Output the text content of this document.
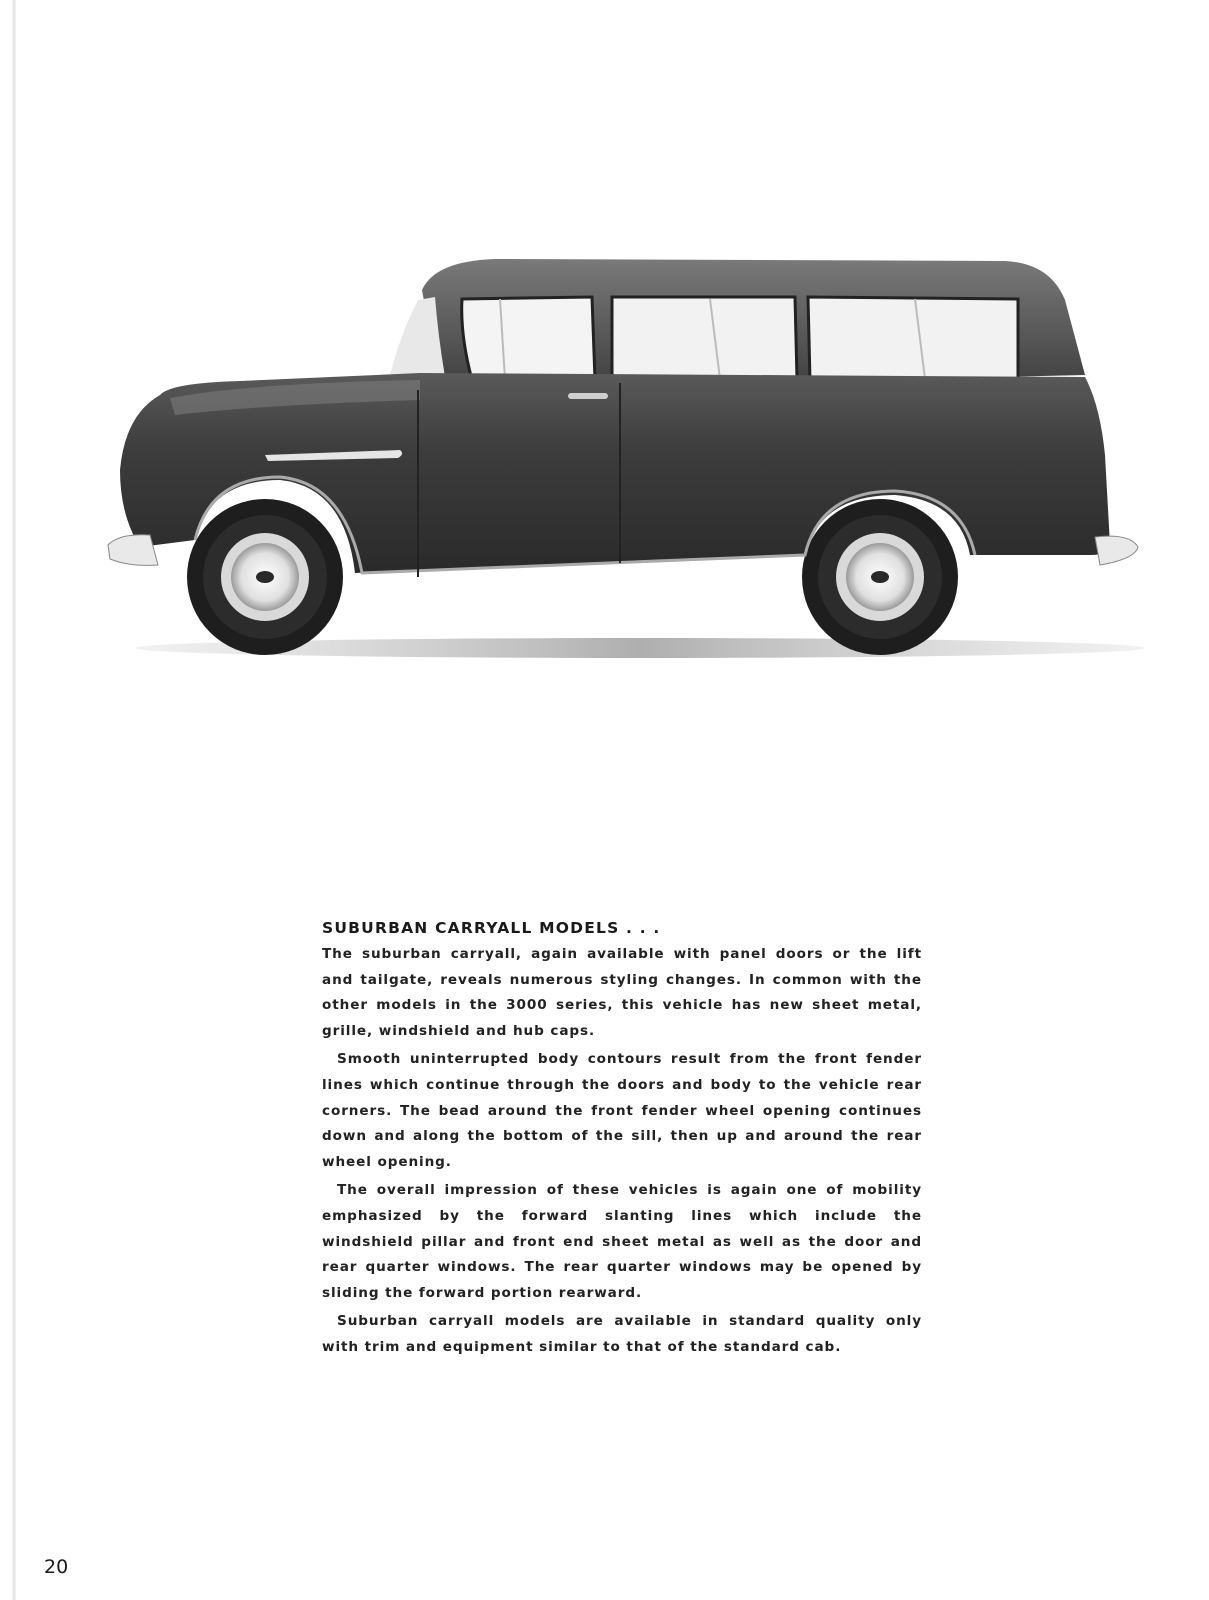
SUBURBAN CARRYALL MODELS . . .

The suburban carryall, again available with panel doors or the lift and tailgate, reveals numerous styling changes. In common with the other models in the 3000 series, this vehicle has new sheet metal, grille, windshield and hub caps.

Smooth uninterrupted body contours result from the front fender lines which continue through the doors and body to the vehicle rear corners. The bead around the front fender wheel opening continues down and along the bottom of the sill, then up and around the rear wheel opening.

The overall impression of these vehicles is again one of mobility emphasized by the forward slanting lines which include the windshield pillar and front end sheet metal as well as the door and rear quarter windows. The rear quarter windows may be opened by sliding the forward portion rearward.

Suburban carryall models are available in standard quality only with trim and equipment similar to that of the standard cab.

20
